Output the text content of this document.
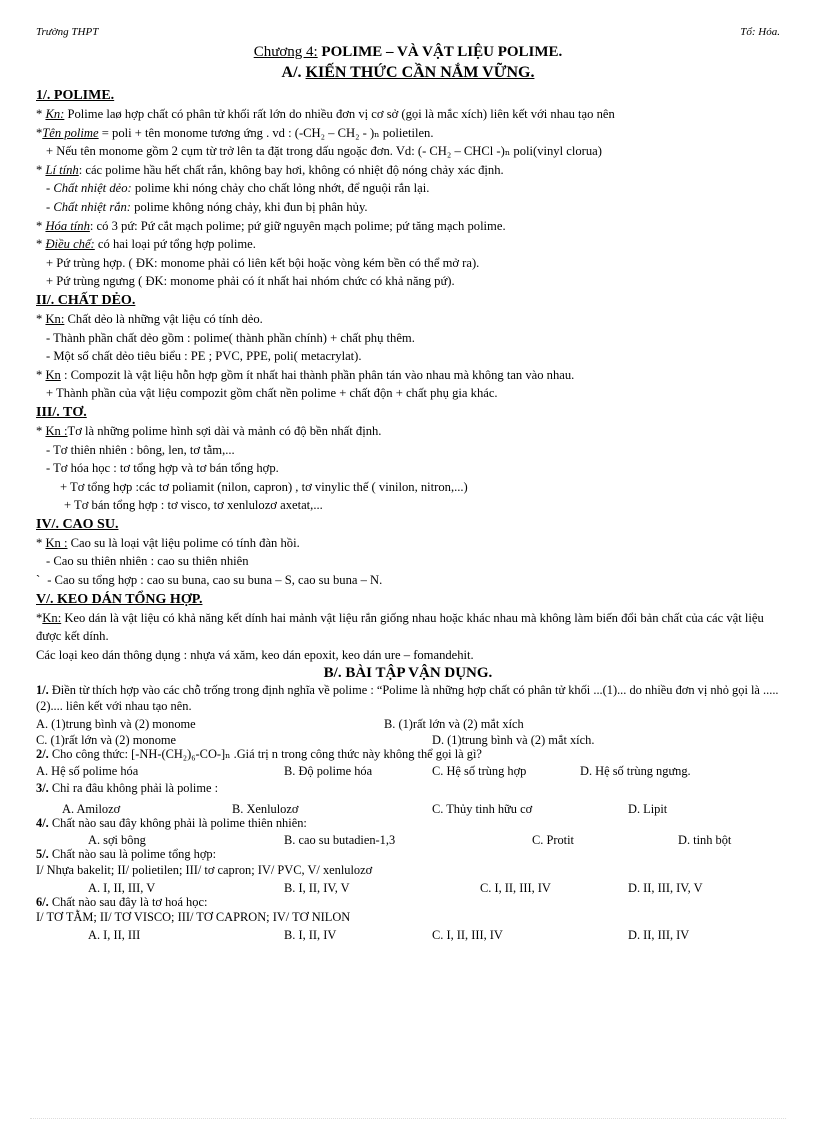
Trường THPT	Tổ: Hóa.
Chương 4: POLIME – VÀ VẬT LIỆU POLIME.
A/. KIẾN THỨC CẦN NẮM VỮNG.
1/. POLIME.
* Kn: Polime laø hợp chất có phân tử khối rất lớn do nhiều đơn vị cơ sở (gọi là mắc xích) liên kết với nhau tạo nên
*Tên polime = poli + tên monome tương ứng . vd : (-CH₂ – CH₂ - )ₙ polietilen.
+ Nếu tên monome gồm 2 cụm từ trở lên ta đặt trong dấu ngoặc đơn. Vd: (- CH₂ – CHCl -)ₙ poli(vinyl clorua)
* Lí tính: các polime hầu hết chất rắn, không bay hơi, không có nhiệt độ nóng chảy xác định.
- Chất nhiệt dẻo: polime khi nóng chảy cho chất lỏng nhớt, để nguội rắn lại.
- Chất nhiệt rắn: polime không nóng chảy, khi đun bị phân hủy.
* Hóa tính: có 3 pứ: Pứ cắt mạch polime; pứ giữ nguyên mạch polime; pứ tăng mạch polime.
* Điều chế: có hai loại pứ tổng hợp polime.
+ Pứ trùng hợp. ( ĐK: monome phải có liên kết bội hoặc vòng kém bền có thể mở ra).
+ Pứ trùng ngưng ( ĐK: monome phải có ít nhất hai nhóm chức có khả năng pứ).
II/. CHẤT DẺO.
* Kn: Chất dẻo là những vật liệu có tính dẻo.
- Thành phần chất dẻo gồm : polime( thành phần chính) + chất phụ thêm.
- Một số chất dẻo tiêu biểu : PE ; PVC, PPE, poli( metacrylat).
* Kn : Compozit là vật liệu hỗn hợp gồm ít nhất hai thành phần phân tán vào nhau mà không tan vào nhau.
+ Thành phần của vật liệu compozit gồm chất nền polime + chất độn + chất phụ gia khác.
III/. TƠ.
* Kn :Tơ là những polime hình sợi dài và mảnh có độ bền nhất định.
- Tơ thiên nhiên : bông, len, tơ tằm,...
- Tơ hóa học : tơ tổng hợp và tơ bán tổng hợp.
+ Tơ tổng hợp :các tơ poliamit (nilon, capron) , tơ vinylic thế ( vinilon, nitron,...)
+ Tơ bán tổng hợp : tơ visco, tơ xenlulozơ axetat,...
IV/. CAO SU.
* Kn : Cao su là loại vật liệu polime có tính đàn hồi.
- Cao su thiên nhiên : cao su thiên nhiên
` - Cao su tổng hợp : cao su buna, cao su buna – S, cao su buna – N.
V/. KEO DÁN TỔNG HỢP.
*Kn: Keo dán là vật liệu có khả năng kết dính hai mảnh vật liệu rắn giống nhau hoặc khác nhau mà không làm biến đổi bản chất của các vật liệu được kết dính.
Các loại keo dán thông dụng : nhựa vá xăm, keo dán epoxit, keo dán ure – fomandehit.
B/. BÀI TẬP VẬN DỤNG.
1/. Điền từ thích hợp vào các chỗ trống trong định nghĩa về polime : “Polime là những hợp chất có phân tử khối ...(1)... do nhiều đơn vị nhỏ gọi là .....(2).... liên kết với nhau tạo nên.
A. (1)trung bình và (2) monome	B. (1)rất lớn và (2) mắt xích
C. (1)rất lớn và (2) monome	D. (1)trung bình và (2) mắt xích.
2/. Cho công thức: [-NH-(CH₂)₆-CO-]ₙ .Giá trị n trong công thức này không thể gọi là gì?
A. Hệ số polime hóa	B. Độ polime hóa	C. Hệ số trùng hợp	D. Hệ số trùng ngưng.
3/. Chỉ ra đâu không phải là polime :
A. Amilozơ	B. Xenlulozơ	C. Thủy tinh hữu cơ	D. Lipit
4/. Chất nào sau đây không phải là polime thiên nhiên:
A. sợi bông	B. cao su butadien-1,3	C. Protit	D. tinh bột
5/. Chất nào sau là polime tổng hợp:
I/ Nhựa bakelit; II/ polietilen; III/ tơ capron; IV/ PVC, V/ xenlulozơ
A. I, II, III, V	B. I, II, IV, V	C. I, II, III, IV	D. II, III, IV, V
6/. Chất nào sau đây là tơ hoá học:
I/ TƠ TẰM; II/ TƠ VISCO; III/ TƠ CAPRON; IV/ TƠ NILON
A. I, II, III	B. I, II, IV	C. I, II, III, IV	D. II, III, IV
